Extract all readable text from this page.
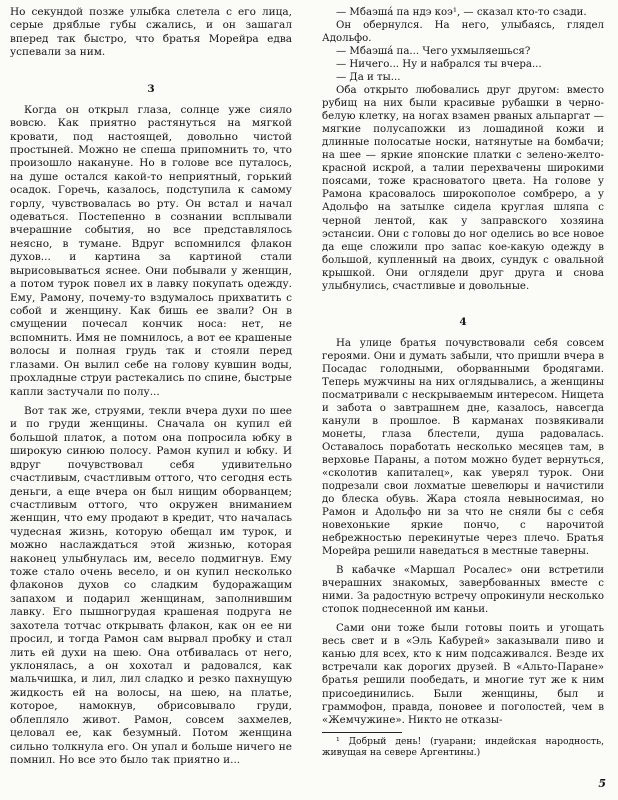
Но секундой позже улыбка слетела с его лица, серые дряблые губы сжались, и он зашагал вперед так быстро, что братья Морейра едва успевали за ним.

3

Когда он открыл глаза, солнце уже сияло вовсю. Как приятно растянуться на мягкой кровати, под настоящей, довольно чистой простыней. Можно не спеша припомнить то, что произошло накануне. Но в голове все путалось, на душе остался какой-то неприятный, горький осадок. Горечь, казалось, подступила к самому горлу, чувствовалась во рту. Он встал и начал одеваться. Постепенно в сознании всплывали вчерашние события, но все представлялось неясно, в тумане. Вдруг вспомнился флакон духов... и картина за картиной стали вырисовываться яснее. Они побывали у женщин, а потом турок повел их в лавку покупать одежду. Ему, Рамону, почему-то вздумалось прихватить с собой и женщину. Как бишь ее звали? Он в смущении почесал кончик носа: нет, не вспомнить. Имя не помнилось, а вот ее крашеные волосы и полная грудь так и стояли перед глазами. Он вылил себе на голову кувшин воды, прохладные струи растекались по спине, быстрые капли застучали по полу...

Вот так же, струями, текли вчера духи по шее и по груди женщины. Сначала он купил ей большой платок, а потом она попросила юбку в широкую синюю полосу. Рамон купил и юбку. И вдруг почувствовал себя удивительно счастливым, счастливым оттого, что сегодня есть деньги, а еще вчера он был нищим оборванцем; счастливым оттого, что окружен вниманием женщин, что ему продают в кредит, что началась чудесная жизнь, которую обещал им турок, и можно наслаждаться этой жизнью, которая наконец улыбнулась им, весело подмигнув. Ему тоже стало очень весело, и он купил несколько флаконов духов со сладким будоражащим запахом и подарил женщинам, заполнившим лавку. Его пышногрудая крашеная подруга не захотела тотчас открывать флакон, как он ее ни просил, и тогда Рамон сам вырвал пробку и стал лить ей духи на шею. Она отбивалась от него, уклонялась, а он хохотал и радовался, как мальчишка, и лил, лил сладко и резко пахнущую жидкость ей на волосы, на шею, на платье, которое, намокнув, обрисовывало груди, облепляло живот. Рамон, совсем захмелев, целовал ее, как безумный. Потом женщина сильно толкнула его. Он упал и больше ничего не помнил. Но все это было так приятно и...

— Мбаэшá па ндэ коэ¹, — сказал кто-то сзади.

Он обернулся. На него, улыбаясь, глядел Адольфо.

— Мбаэшá па... Чего ухмыляешься?

— Ничего... Ну и набрался ты вчера...

— Да и ты...

Оба открыто любовались друг другом: вместо рубищ на них были красивые рубашки в черно-белую клетку, на ногах взамен рваных альпаргат — мягкие полусапожки из лошадиной кожи и длинные полосатые носки, натянутые на бомбачи; на шее — яркие японские платки с зелено-желто-красной искрой, а талии перехвачены широкими поясами, тоже красноватого цвета. На голове у Рамона красовалось широкополое сомбреро, а у Адольфо на затылке сидела круглая шляпа с черной лентой, как у заправского хозяина эстансии. Они с головы до ног оделись во все новое да еще сложили про запас кое-какую одежду в большой, купленный на двоих, сундук с овальной крышкой. Они оглядели друг друга и снова улыбнулись, счастливые и довольные.

4

На улице братья почувствовали себя совсем героями. Они и думать забыли, что пришли вчера в Посадас голодными, оборванными бродягами. Теперь мужчины на них оглядывались, а женщины посматривали с нескрываемым интересом. Нищета и забота о завтрашнем дне, казалось, навсегда канули в прошлое. В карманах позвякивали монеты, глаза блестели, душа радовалась. Оставалось поработать несколько месяцев там, в верховье Параны, а потом можно будет вернуться, «сколотив капиталец», как уверял турок. Они подрезали свои лохматые шевелюры и начистили до блеска обувь. Жара стояла невыносимая, но Рамон и Адольфо ни за что не сняли бы с себя новехонькие яркие пончо, с нарочитой небрежностью перекинутые через плечо. Братья Морейра решили наведаться в местные таверны.

В кабачке «Маршал Росалес» они встретили вчерашних знакомых, завербованных вместе с ними. За радостную встречу опрокинули несколько стопок поднесенной им каньи.

Сами они тоже были готовы поить и угощать весь свет и в «Эль Кабурей» заказывали пиво и канью для всех, кто к ним подсаживался. Везде их встречали как дорогих друзей. В «Альто-Паране» братья решили пообедать, и многие тут же к ним присоединились. Были женщины, был и граммофон, правда, поновее и поголостей, чем в «Жемчужине». Никто не отказы-

¹ Добрый день! (гуарани; индейская народность, живущая на севере Аргентины.)

5
